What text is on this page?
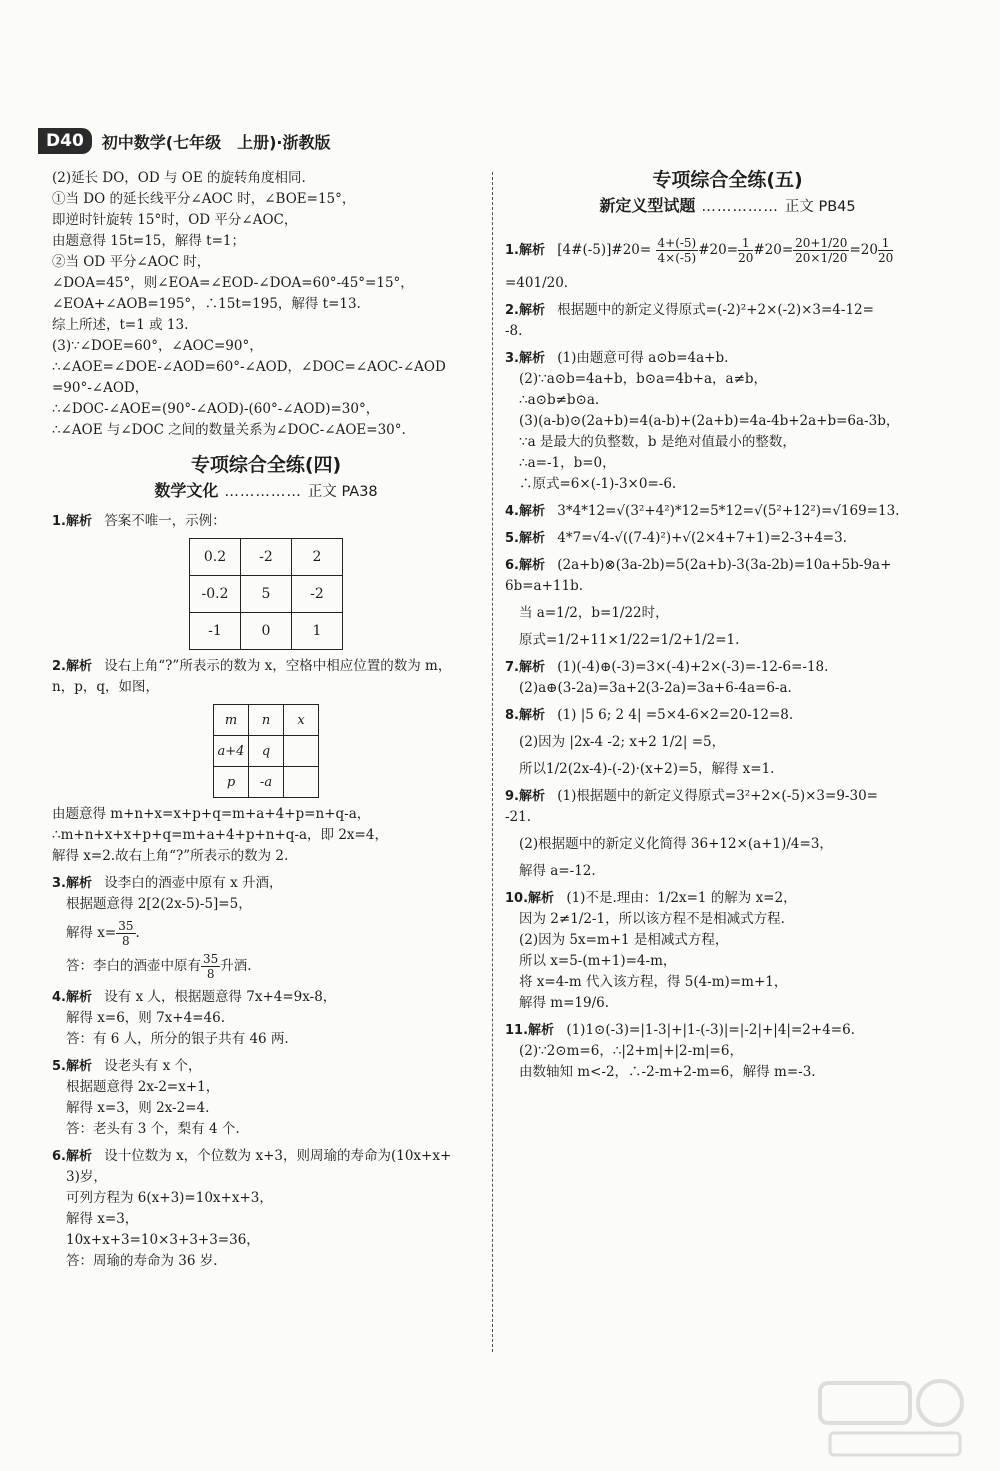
D40	初中数学(七年级　上册)·浙教版
(2)延长 DO，OD 与 OE 的旋转角度相同.
①当 DO 的延长线平分∠AOC 时，∠BOE=15°，
即逆时针旋转 15°时，OD 平分∠AOC，
由题意得 15t=15，解得 t=1；
②当 OD 平分∠AOC 时，
∠DOA=45°，则∠EOA=∠EOD-∠DOA=60°-45°=15°，
∠EOA+∠AOB=195°，∴15t=195，解得 t=13.
综上所述，t=1 或 13.
(3)∵∠DOE=60°，∠AOC=90°，
∴∠AOE=∠DOE-∠AOD=60°-∠AOD，∠DOC=∠AOC-∠AOD
=90°-∠AOD，
∴∠DOC-∠AOE=(90°-∠AOD)-(60°-∠AOD)=30°，
∴∠AOE 与∠DOC 之间的数量关系为∠DOC-∠AOE=30°.
专项综合全练(四)
数学文化 …………… 正文 PA38
1.解析 答案不唯一，示例：
0.2	-2	2
-0.2	5	-2
-1	0	1
2.解析 设右上角“?”所表示的数为 x，空格中相应位置的数为 m，
n，p，q，如图，
m	n	x
a+4	q	
p	-a	
由题意得 m+n+x=x+p+q=m+a+4+p=n+q-a，
∴m+n+x+x+p+q=m+a+4+p+n+q-a，即 2x=4，
解得 x=2.故右上角“?”所表示的数为 2.
3.解析 设李白的酒壶中原有 x 升酒，
根据题意得 2[2(2x-5)-5]=5，
解得 $x= \frac{35}{8}$ .
答：李白的酒壶中原有 $\frac{35}{8}$ 升酒.
4.解析 设有 x 人，根据题意得 7x+4=9x-8，
解得 x=6，则 7x+4=46.
答：有 6 人，所分的银子共有 46 两.
5.解析 设老头有 x 个，
根据题意得 2x-2=x+1，
解得 x=3，则 2x-2=4.
答：老头有 3 个，梨有 4 个.
6.解析 设十位数为 x，个位数为 x+3，则周瑜的寿命为(10x+x+
3)岁，
可列方程为 6(x+3)=10x+x+3，
解得 x=3，
10x+x+3=10×3+3+3=36，
答：周瑜的寿命为 36 岁.
专项综合全练(五)
新定义型试题 …………… 正文 PB45
1.解析 [4#(-5)]#20= $\frac{4+(-5)}{4\times(-5)}$ #20= $\frac{1}{20}$ #20= $\frac{20+1/20}{20\times 1/20} =20 \frac{1}{20}$
=401/20.
2.解析 根据题中的新定义得原式=(-2)²+2×(-2)×3=4-12=
-8.
3.解析 (1)由题意可得 a⊙b=4a+b.
(2)∵a⊙b=4a+b，b⊙a=4b+a，a≠b，
∴a⊙b≠b⊙a.
(3)(a-b)⊙(2a+b)=4(a-b)+(2a+b)=4a-4b+2a+b=6a-3b，
∵a 是最大的负整数，b 是绝对值最小的整数，
∴a=-1，b=0，
∴原式=6×(-1)-3×0=-6.
4.解析 3*4*12=√(3²+4²)*12=5*12=√(5²+12²)=√169=13.
5.解析 4*7=√4-√((7-4)²)+√(2×4+7+1)=2-3+4=3.
6.解析 (2a+b)⊗(3a-2b)=5(2a+b)-3(3a-2b)=10a+5b-9a+
6b=a+11b.
当 a=1/2，b=1/22时，
原式=1/2+11×1/22=1/2+1/2=1.
7.解析 (1)(-4)⊕(-3)=3×(-4)+2×(-3)=-12-6=-18.
(2)a⊕(3-2a)=3a+2(3-2a)=3a+6-4a=6-a.
8.解析 (1) |5 6; 2 4| =5×4-6×2=20-12=8.
(2)因为 |2x-4 -2; x+2 1/2| =5，
所以1/2(2x-4)-(-2)·(x+2)=5，解得 x=1.
9.解析 (1)根据题中的新定义得原式=3²+2×(-5)×3=9-30=
-21.
(2)根据题中的新定义化简得 36+12×(a+1)/4=3，
解得 a=-12.
10.解析 (1)不是.理由：1/2x=1 的解为 x=2，
因为 2≠1/2-1，所以该方程不是相减式方程.
(2)因为 5x=m+1 是相减式方程，
所以 x=5-(m+1)=4-m，
将 x=4-m 代入该方程，得 5(4-m)=m+1，
解得 m=19/6.
11.解析 (1)1⊙(-3)=|1-3|+|1-(-3)|=|-2|+|4|=2+4=6.
(2)∵2⊙m=6，∴|2+m|+|2-m|=6，
由数轴知 m<-2，∴-2-m+2-m=6，解得 m=-3.
